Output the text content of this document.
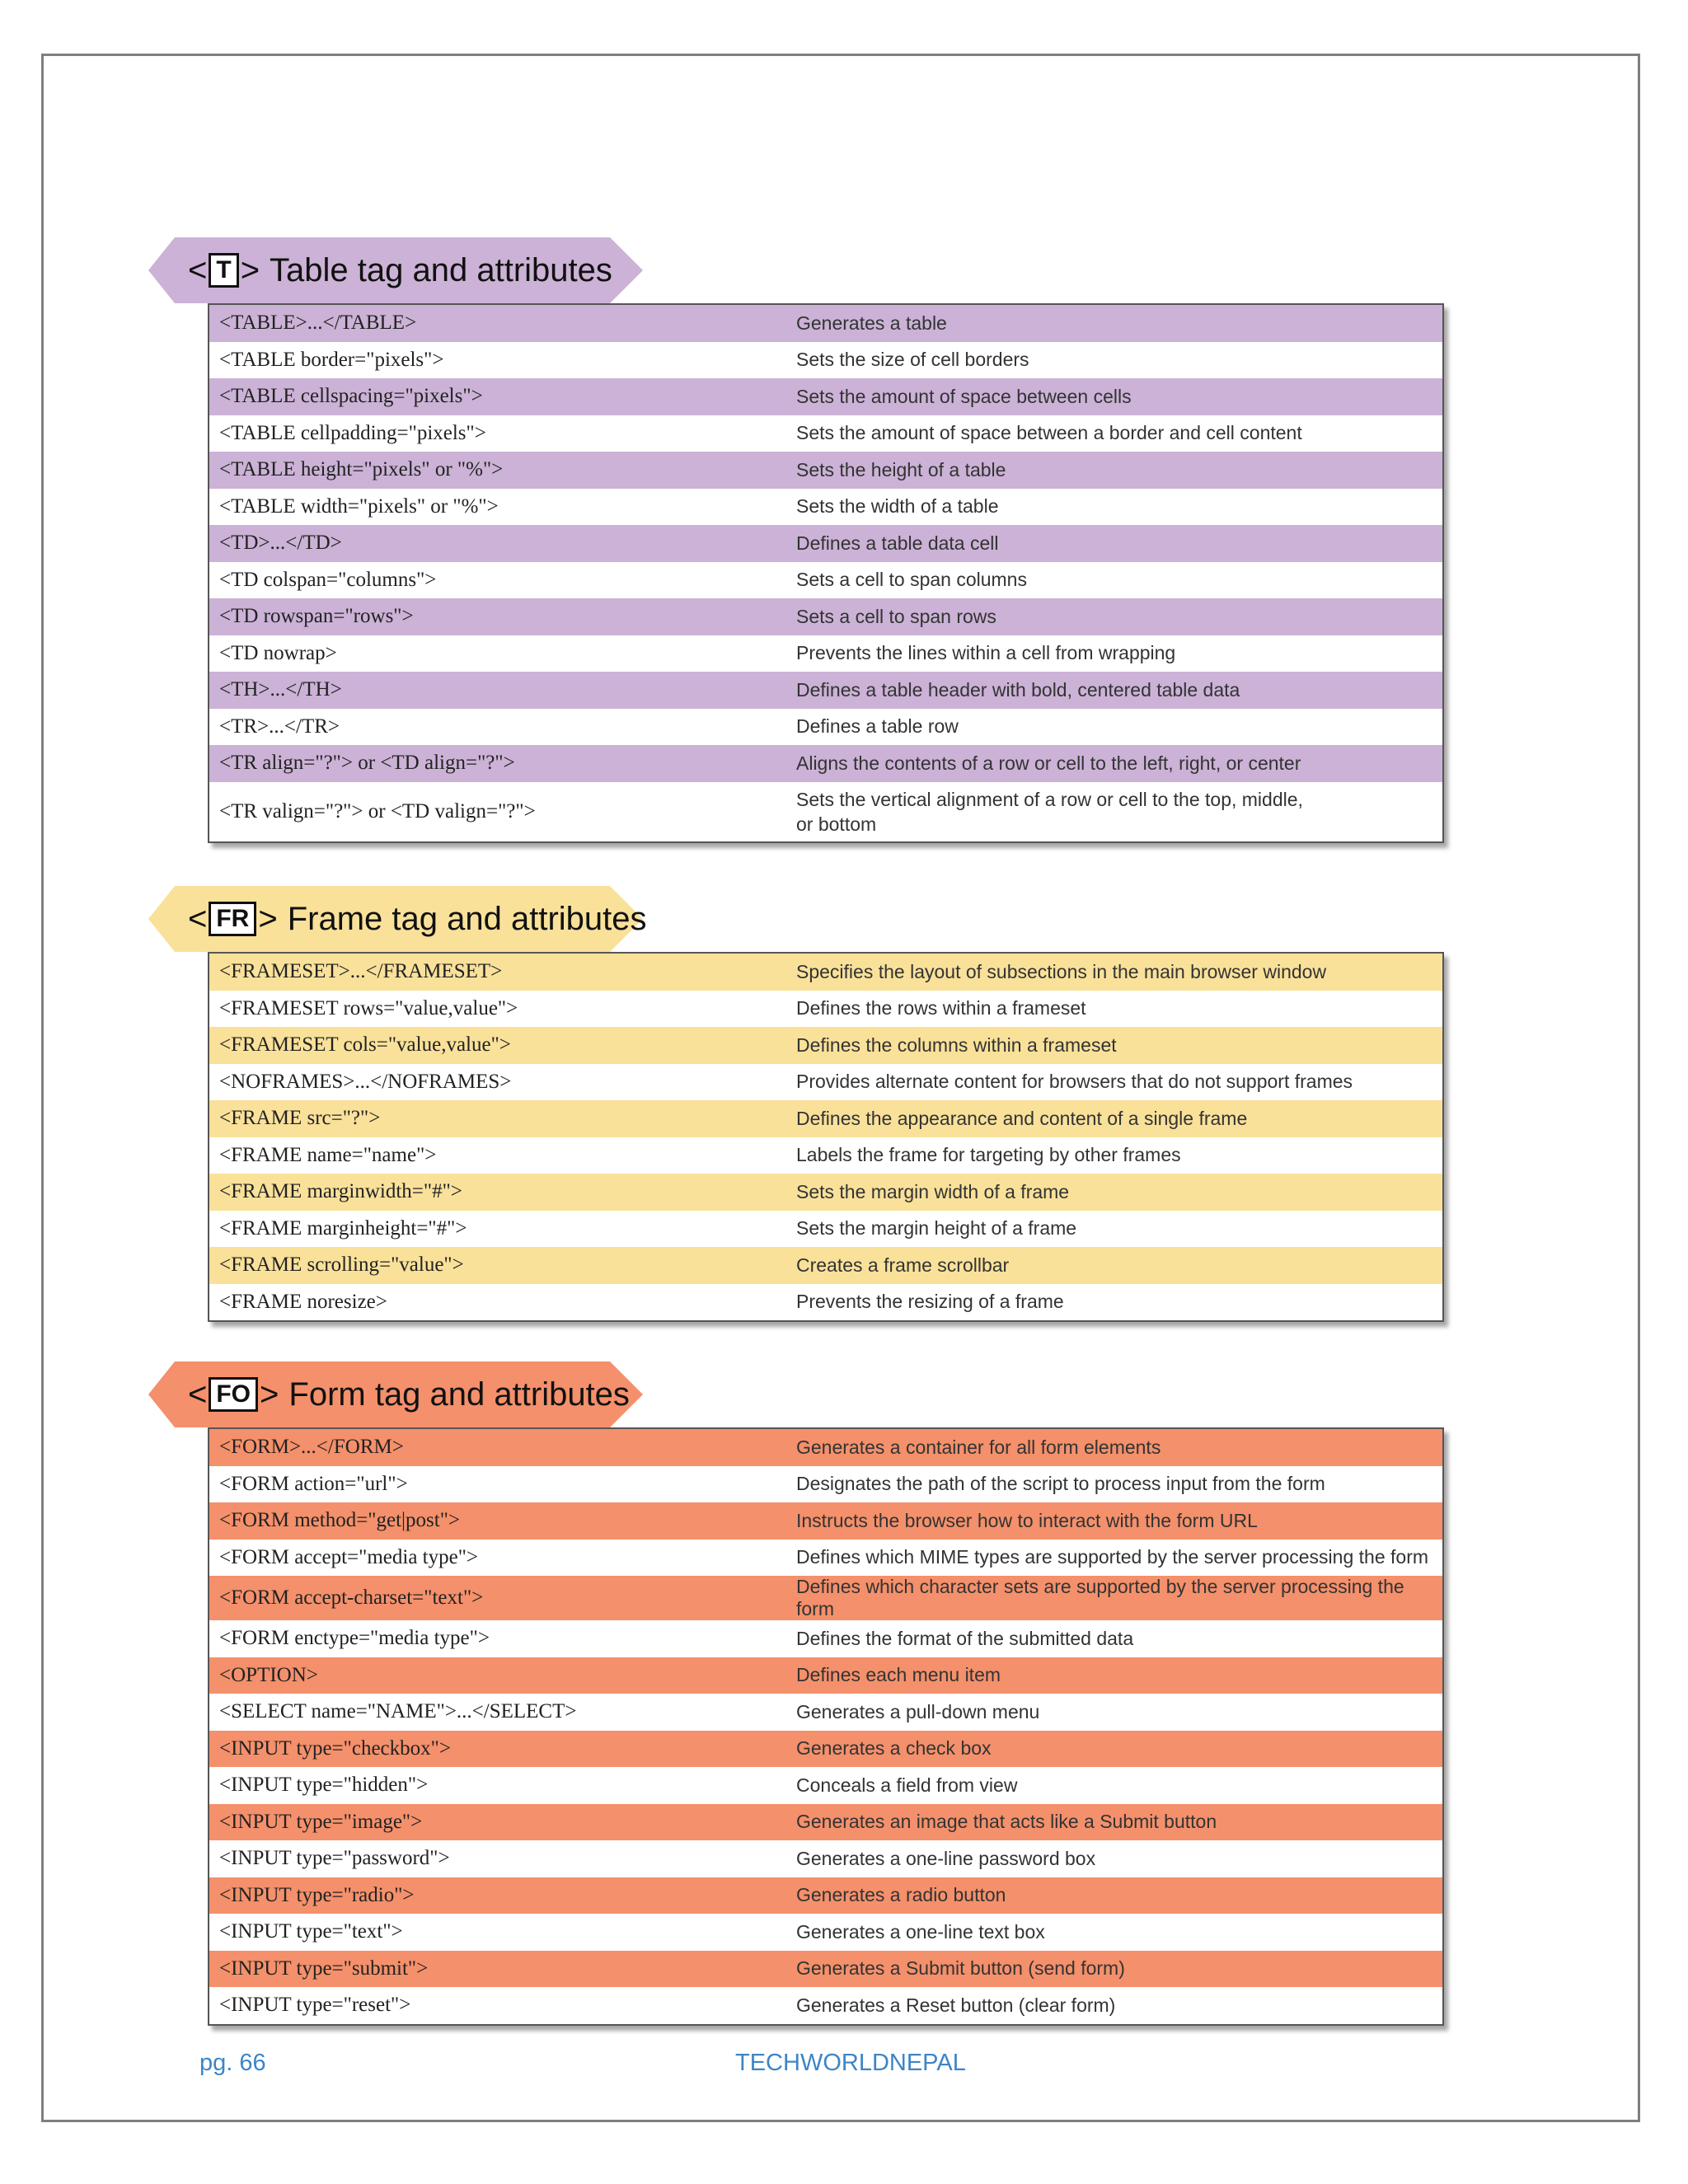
< T > Table tag and attributes
<TABLE>...</TABLE>	Generates a table
<TABLE border="pixels">	Sets the size of cell borders
<TABLE cellspacing="pixels">	Sets the amount of space between cells
<TABLE cellpadding="pixels">	Sets the amount of space between a border and cell content
<TABLE height="pixels" or "%">	Sets the height of a table
<TABLE width="pixels" or "%">	Sets the width of a table
<TD>...</TD>	Defines a table data cell
<TD colspan="columns">	Sets a cell to span columns
<TD rowspan="rows">	Sets a cell to span rows
<TD nowrap>	Prevents the lines within a cell from wrapping
<TH>...</TH>	Defines a table header with bold, centered table data
<TR>...</TR>	Defines a table row
<TR align="?"> or <TD align="?">	Aligns the contents of a row or cell to the left, right, or center
<TR valign="?"> or <TD valign="?">	Sets the vertical alignment of a row or cell to the top, middle, or bottom
< FR > Frame tag and attributes
<FRAMESET>...</FRAMESET>	Specifies the layout of subsections in the main browser window
<FRAMESET rows="value,value">	Defines the rows within a frameset
<FRAMESET cols="value,value">	Defines the columns within a frameset
<NOFRAMES>...</NOFRAMES>	Provides alternate content for browsers that do not support frames
<FRAME src="?">	Defines the appearance and content of a single frame
<FRAME name="name">	Labels the frame for targeting by other frames
<FRAME marginwidth="#">	Sets the margin width of a frame
<FRAME marginheight="#">	Sets the margin height of a frame
<FRAME scrolling="value">	Creates a frame scrollbar
<FRAME noresize>	Prevents the resizing of a frame
< FO > Form tag and attributes
<FORM>...</FORM>	Generates a container for all form elements
<FORM action="url">	Designates the path of the script to process input from the form
<FORM method="get|post">	Instructs the browser how to interact with the form URL
<FORM accept="media type">	Defines which MIME types are supported by the server processing the form
<FORM accept-charset="text">	Defines which character sets are supported by the server processing the form
<FORM enctype="media type">	Defines the format of the submitted data
<OPTION>	Defines each menu item
<SELECT name="NAME">...</SELECT>	Generates a pull-down menu
<INPUT type="checkbox">	Generates a check box
<INPUT type="hidden">	Conceals a field from view
<INPUT type="image">	Generates an image that acts like a Submit button
<INPUT type="password">	Generates a one-line password box
<INPUT type="radio">	Generates a radio button
<INPUT type="text">	Generates a one-line text box
<INPUT type="submit">	Generates a Submit button (send form)
<INPUT type="reset">	Generates a Reset button (clear form)
pg. 66	TECHWORLDNEPAL
